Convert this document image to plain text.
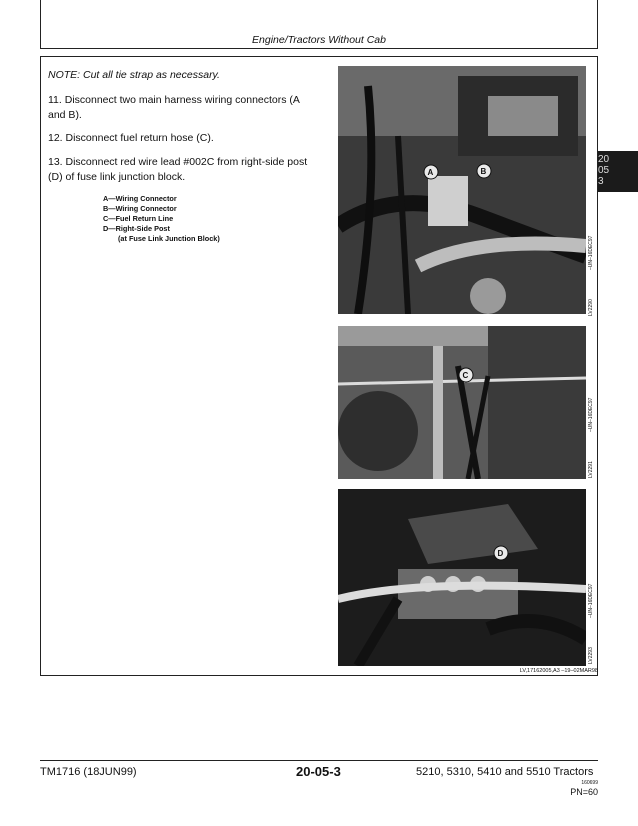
Engine/Tractors Without Cab
NOTE: Cut all tie strap as necessary.
11. Disconnect two main harness wiring connectors (A and B).
12. Disconnect fuel return hose (C).
13. Disconnect red wire lead #002C from right-side post (D) of fuse link junction block.
A—Wiring Connector
B—Wiring Connector
C—Fuel Return Line
D—Right-Side Post
(at Fuse Link Junction Block)
A	B
C
D
LV2290
–UN–16DEC97
LV2291
–UN–16DEC97
LV2293
–UN–16DEC97
LV,17162005,A3 –19–02MAR98
20
05
3
TM1716 (18JUN99)	20-05-3	5210, 5310, 5410 and 5510 Tractors
160699
PN=60
